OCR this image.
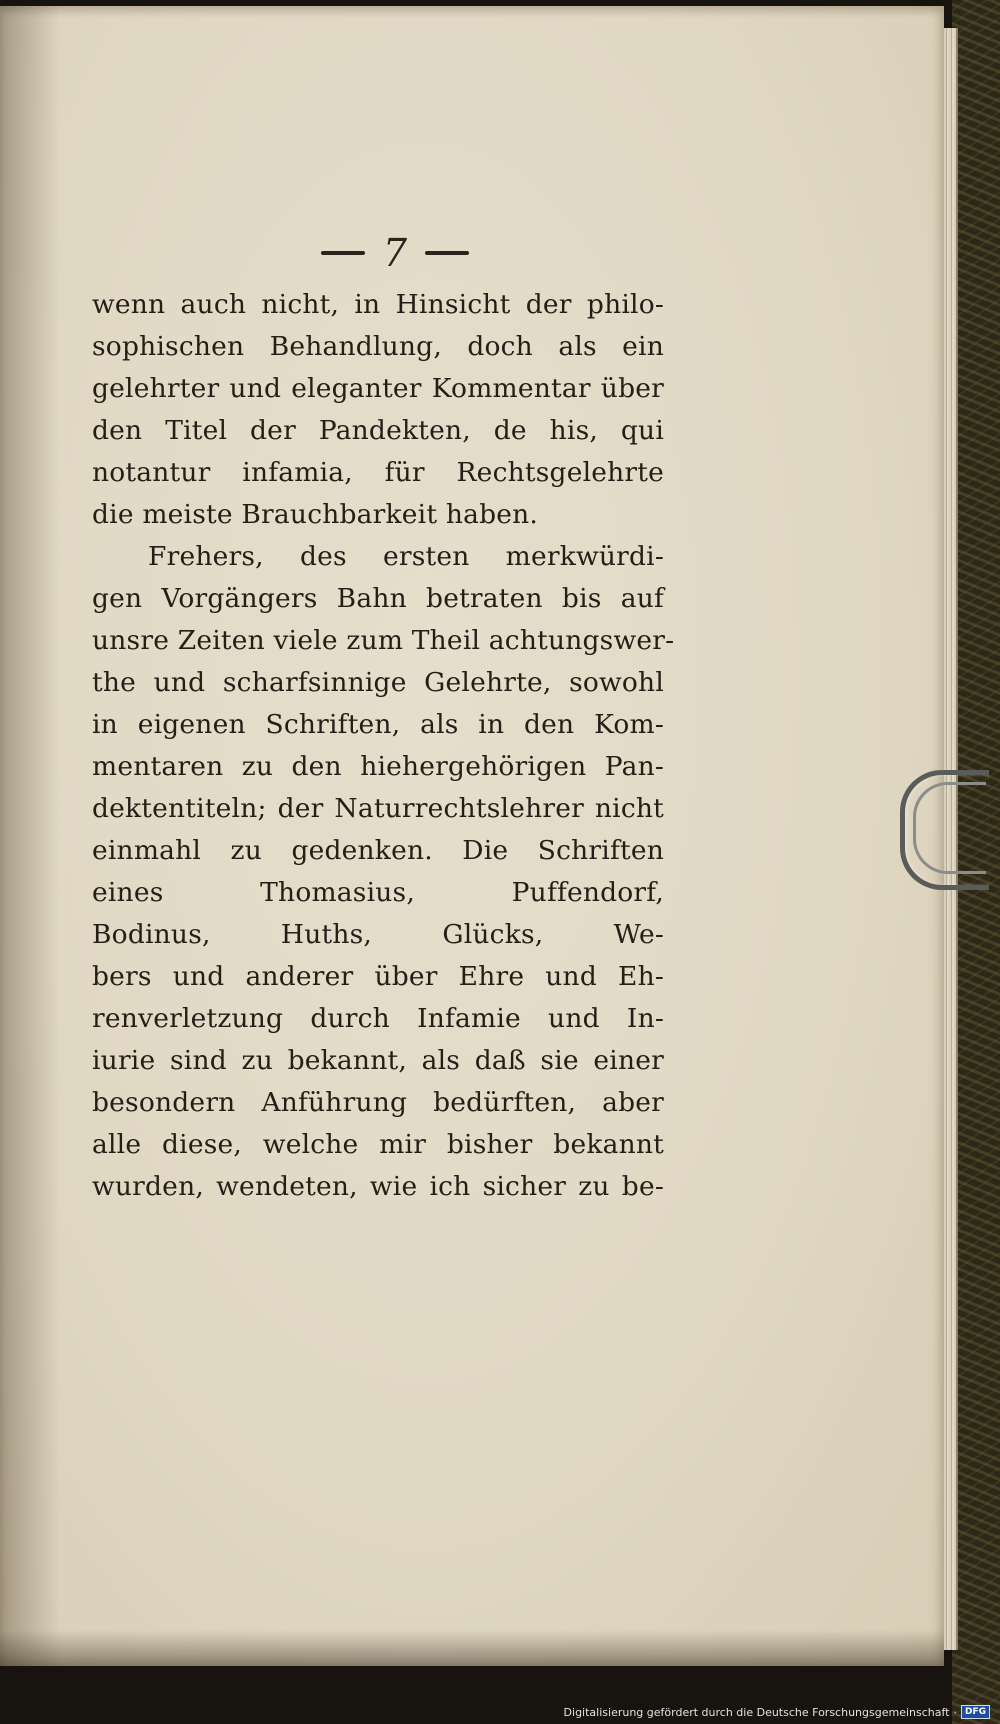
7
wenn auch nicht, in Hinsicht der philo-
sophischen Behandlung, doch als ein
gelehrter und eleganter Kommentar über
den Titel der Pandekten, de his, qui
notantur infamia, für Rechtsgelehrte
die meiste Brauchbarkeit haben.
Frehers, des ersten merkwürdi-
gen Vorgängers Bahn betraten bis auf
unsre Zeiten viele zum Theil achtungswer-
the und scharfsinnige Gelehrte, sowohl
in eigenen Schriften, als in den Kom-
mentaren zu den hiehergehörigen Pan-
dektentiteln; der Naturrechtslehrer nicht
einmahl zu gedenken. Die Schriften
eines Thomasius, Puffendorf,
Bodinus, Huths, Glücks, We-
bers und anderer über Ehre und Eh-
renverletzung durch Infamie und In-
iurie sind zu bekannt, als daß sie einer
besondern Anführung bedürften, aber
alle diese, welche mir bisher bekannt
wurden, wendeten, wie ich sicher zu be-
Digitalisierung gefördert durch die Deutsche Forschungsgemeinschaft · DFG
